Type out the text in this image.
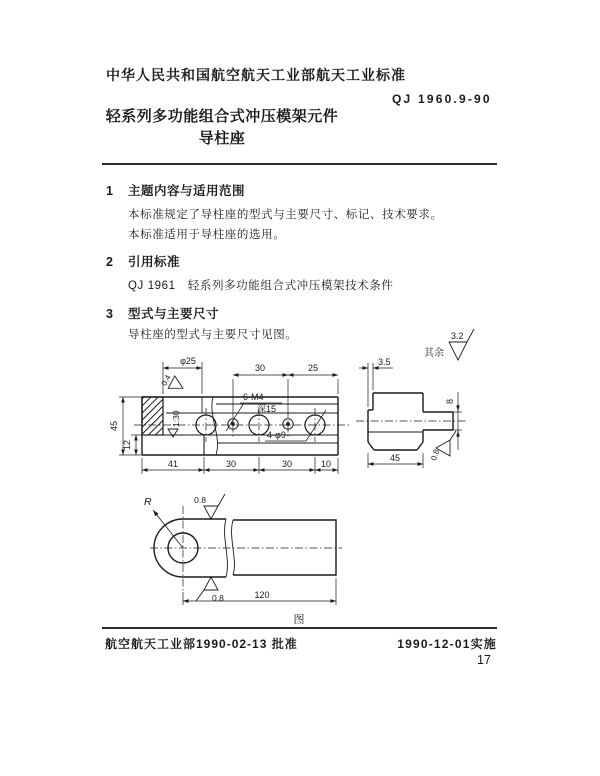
中华人民共和国航空航天工业部航天工业标准
QJ 1960.9-90
轻系列多功能组合式冲压模架元件
导柱座
1 主题内容与适用范围
本标准规定了导柱座的型式与主要尺寸、标记、技术要求。
本标准适用于导柱座的选用。
2 引用标准
QJ 1961　轻系列多功能组合式冲压模架技术条件
3 型式与主要尺寸
导柱座的型式与主要尺寸见图。
其余
3.2
φ25
30	25
45
12
41	30	30	10
6-M4
深15
4-φ9
0.4
1:30
3.5
8
45	0.8
R	0.8
0.8	120
图
航空航天工业部1990-02-13 批准	1990-12-01实施
17
